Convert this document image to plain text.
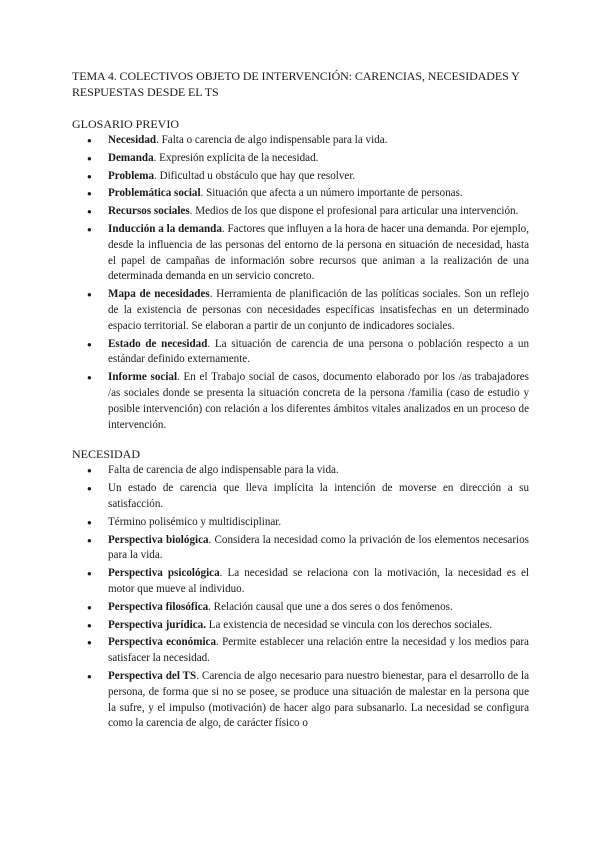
TEMA 4. COLECTIVOS OBJETO DE INTERVENCIÓN: CARENCIAS, NECESIDADES Y RESPUESTAS DESDE EL TS
GLOSARIO PREVIO
● Necesidad. Falta o carencia de algo indispensable para la vida.
● Demanda. Expresión explícita de la necesidad.
● Problema. Dificultad u obstáculo que hay que resolver.
● Problemática social. Situación que afecta a un número importante de personas.
● Recursos sociales. Medios de los que dispone el profesional para articular una intervención.
● Inducción a la demanda. Factores que influyen a la hora de hacer una demanda. Por ejemplo, desde la influencia de las personas del entorno de la persona en situación de necesidad, hasta el papel de campañas de información sobre recursos que animan a la realización de una determinada demanda en un servicio concreto.
● Mapa de necesidades. Herramienta de planificación de las políticas sociales. Son un reflejo de la existencia de personas con necesidades específicas insatisfechas en un determinado espacio territorial. Se elaboran a partir de un conjunto de indicadores sociales.
● Estado de necesidad. La situación de carencia de una persona o población respecto a un estándar definido externamente.
● Informe social. En el Trabajo social de casos, documento elaborado por los /as trabajadores /as sociales donde se presenta la situación concreta de la persona /familia (caso de estudio y posible intervención) con relación a los diferentes ámbitos vitales analizados en un proceso de intervención.
NECESIDAD
● Falta de carencia de algo indispensable para la vida.
● Un estado de carencia que lleva implícita la intención de moverse en dirección a su satisfacción.
● Término polisémico y multidisciplinar.
● Perspectiva biológica. Considera la necesidad como la privación de los elementos necesarios para la vida.
● Perspectiva psicológica. La necesidad se relaciona con la motivación, la necesidad es el motor que mueve al individuo.
● Perspectiva filosófica. Relación causal que une a dos seres o dos fenómenos.
● Perspectiva jurídica. La existencia de necesidad se vincula con los derechos sociales.
● Perspectiva económica. Permite establecer una relación entre la necesidad y los medios para satisfacer la necesidad.
● Perspectiva del TS. Carencia de algo necesario para nuestro bienestar, para el desarrollo de la persona, de forma que si no se posee, se produce una situación de malestar en la persona que la sufre, y el impulso (motivación) de hacer algo para subsanarlo. La necesidad se configura como la carencia de algo, de carácter físico o
